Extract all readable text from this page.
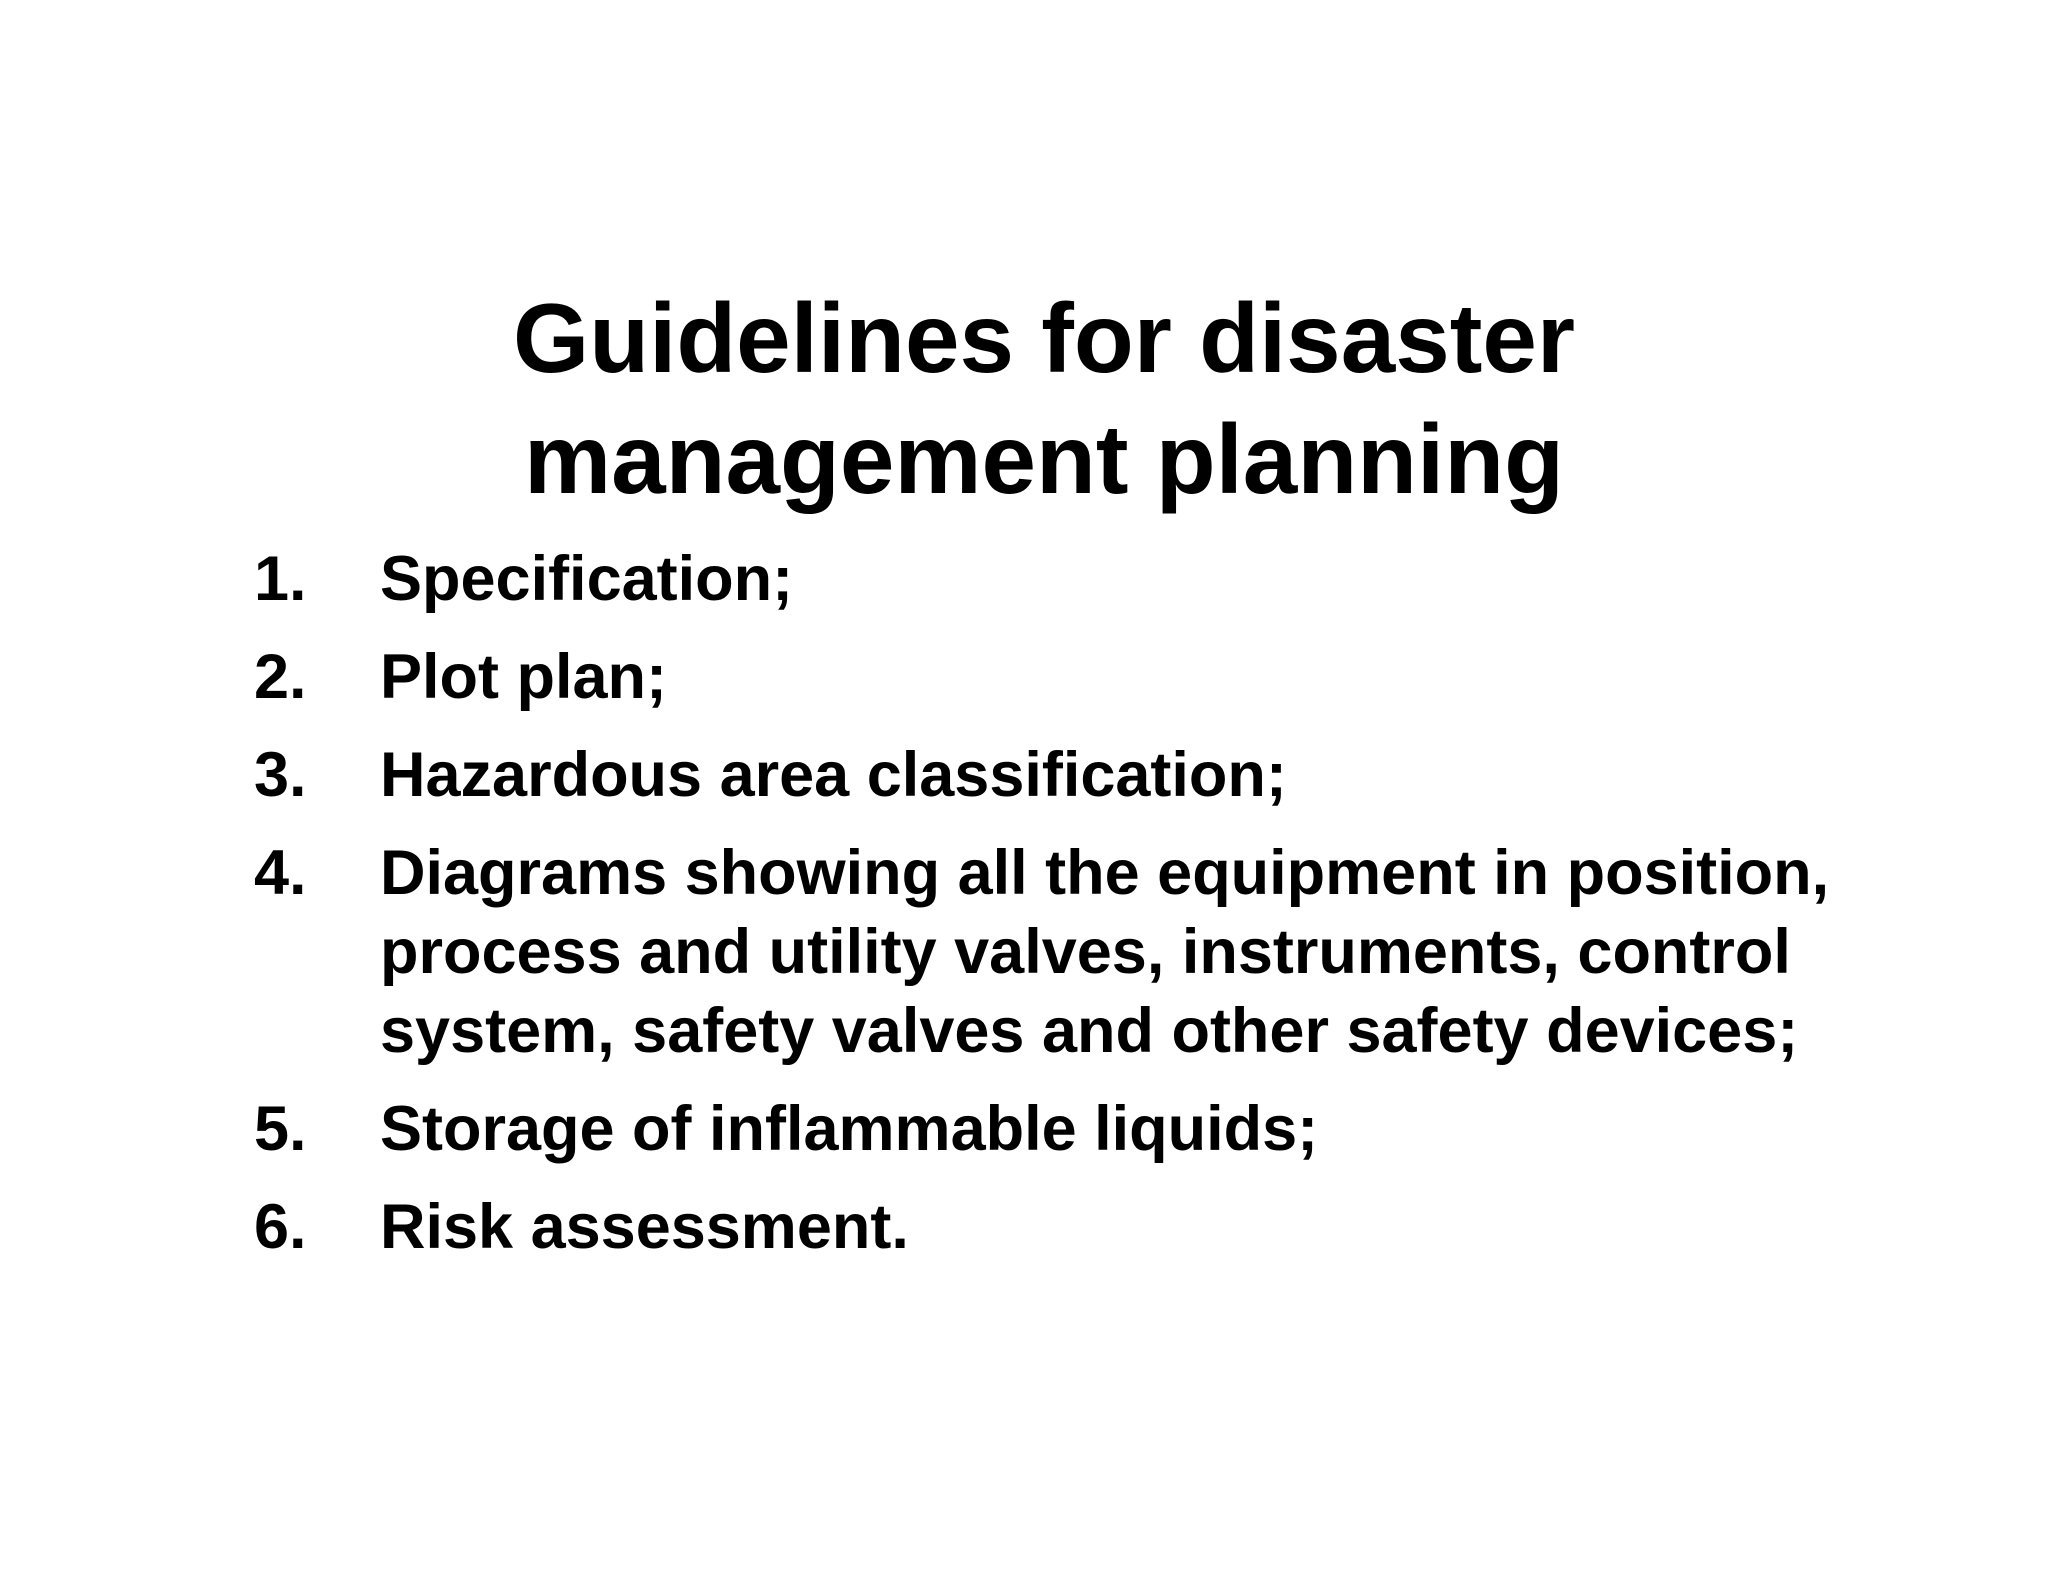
Guidelines for disaster
management planning
1. Specification;
2. Plot plan;
3. Hazardous area classification;
4. Diagrams showing all the equipment in position, process and utility valves, instruments, control system, safety valves and other safety devices;
5. Storage of inflammable liquids;
6. Risk assessment.
